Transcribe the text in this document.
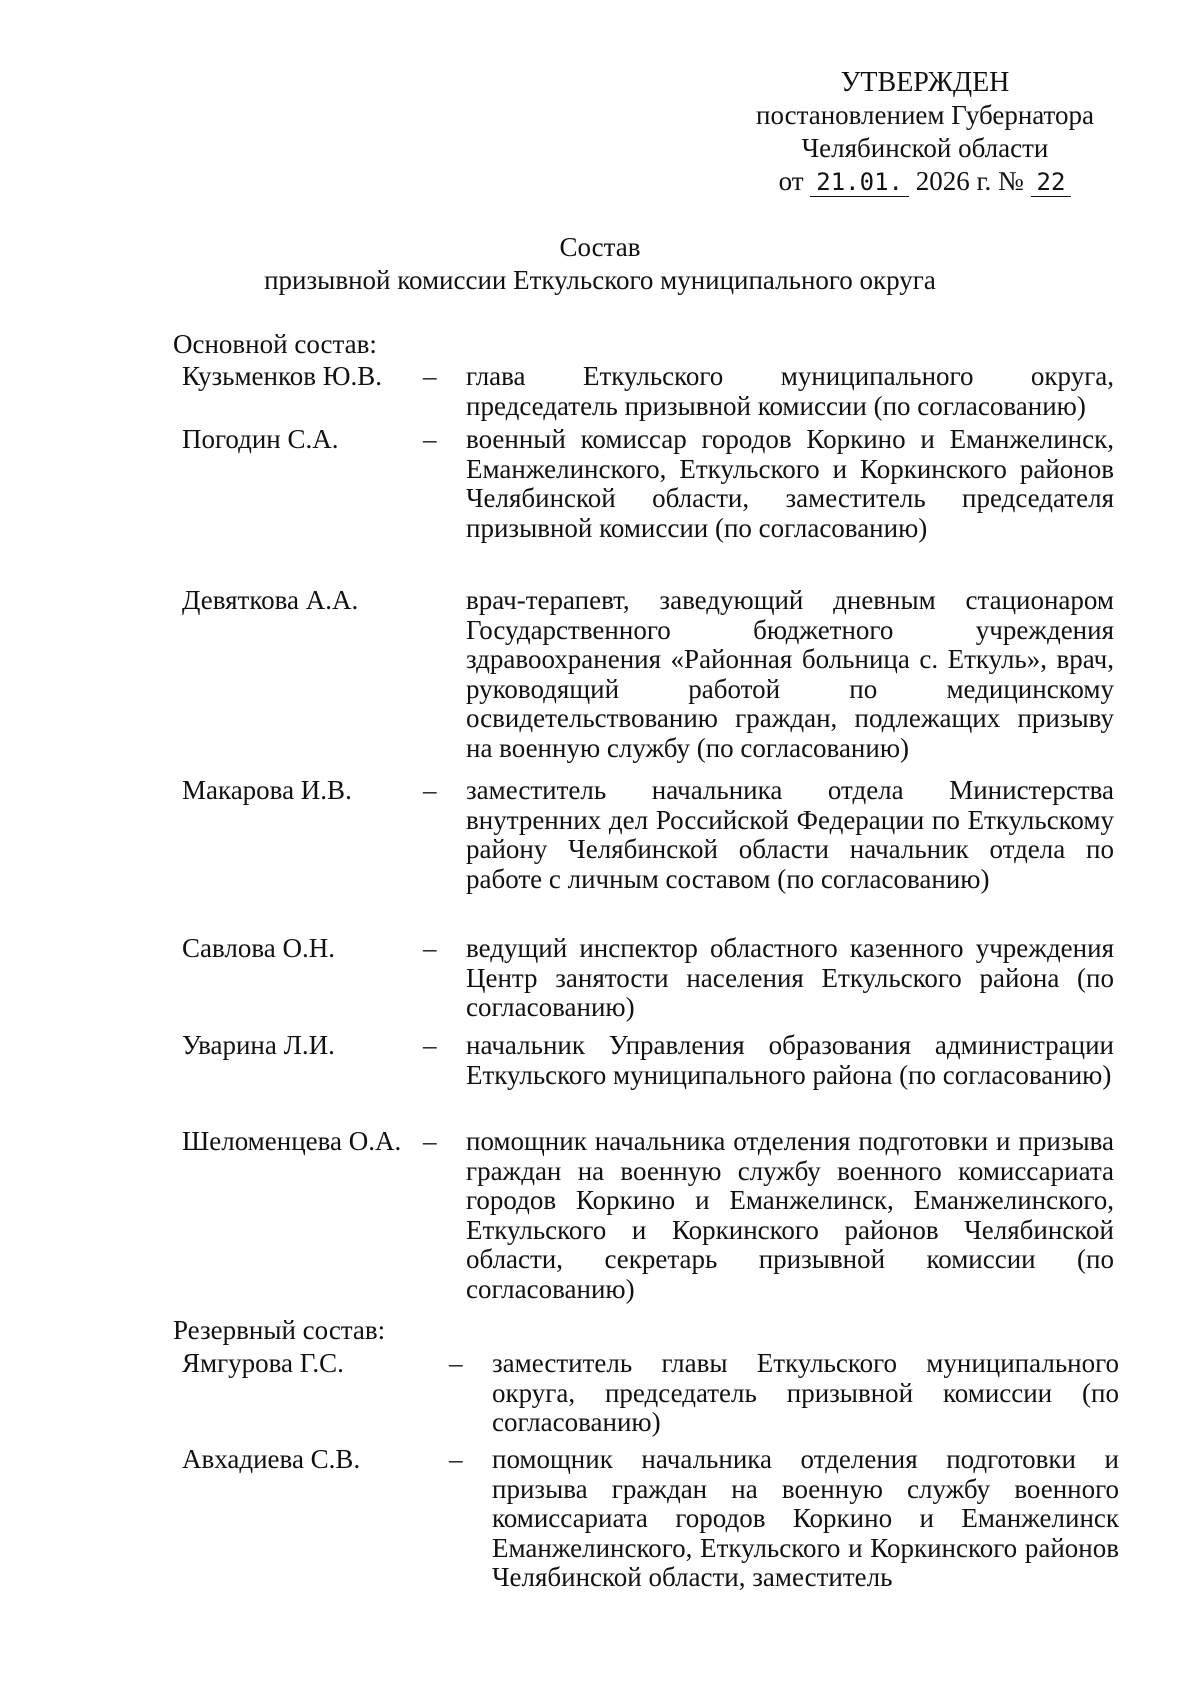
УТВЕРЖДЕН
постановлением Губернатора
Челябинской области
от 21.01. 2026 г. № 22
Состав
призывной комиссии Еткульского муниципального округа
Основной состав:
Кузьменков Ю.В. – глава Еткульского муниципального округа, председатель призывной комиссии (по согласованию)
Погодин С.А.	– военный комиссар городов Коркино и Еманжелинск, Еманжелинского, Еткульского и Коркинского районов Челябинской области, заместитель председателя призывной комиссии (по согласованию)
Девяткова А.А.	врач-терапевт, заведующий дневным стационаром Государственного бюджетного учреждения здравоохранения «Районная больница с. Еткуль», врач, руководящий работой по медицинскому освидетельствованию граждан, подлежащих призыву на военную службу (по согласованию)
Макарова И.В.	– заместитель начальника отдела Министерства внутренних дел Российской Федерации по Еткульскому району Челябинской области начальник отдела по работе с личным составом (по согласованию)
Савлова О.Н.	– ведущий инспектор областного казенного учреждения Центр занятости населения Еткульского района (по согласованию)
Уварина Л.И.	– начальник Управления образования администрации Еткульского муниципального района (по согласованию)
Шеломенцева О.А. – помощник начальника отделения подготовки и призыва граждан на военную службу военного комиссариата городов Коркино и Еманжелинск, Еманжелинского, Еткульского и Коркинского районов Челябинской области, секретарь призывной комиссии (по согласованию)
Резервный состав:
Ямгурова Г.С.	– заместитель главы Еткульского муниципального округа, председатель призывной комиссии (по согласованию)
Авхадиева С.В.	– помощник начальника отделения подготовки и призыва граждан на военную службу военного комиссариата городов Коркино и Еманжелинск Еманжелинского, Еткульского и Коркинского районов Челябинской области, заместитель
